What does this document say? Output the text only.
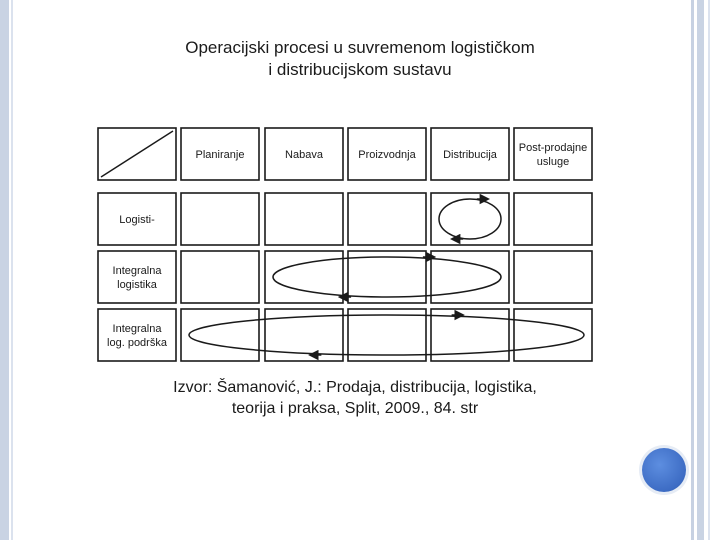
Operacijski procesi u suvremenom logističkom
i distribucijskom sustavu
Planiranje	Nabava	Proizvodnja Distribucija
Post-prodajne usluge
Logisti-
Integralna logistika
Integralna log. podrška
Izvor: Šamanović, J.: Prodaja, distribucija, logistika,
teorija i praksa, Split, 2009., 84. str
